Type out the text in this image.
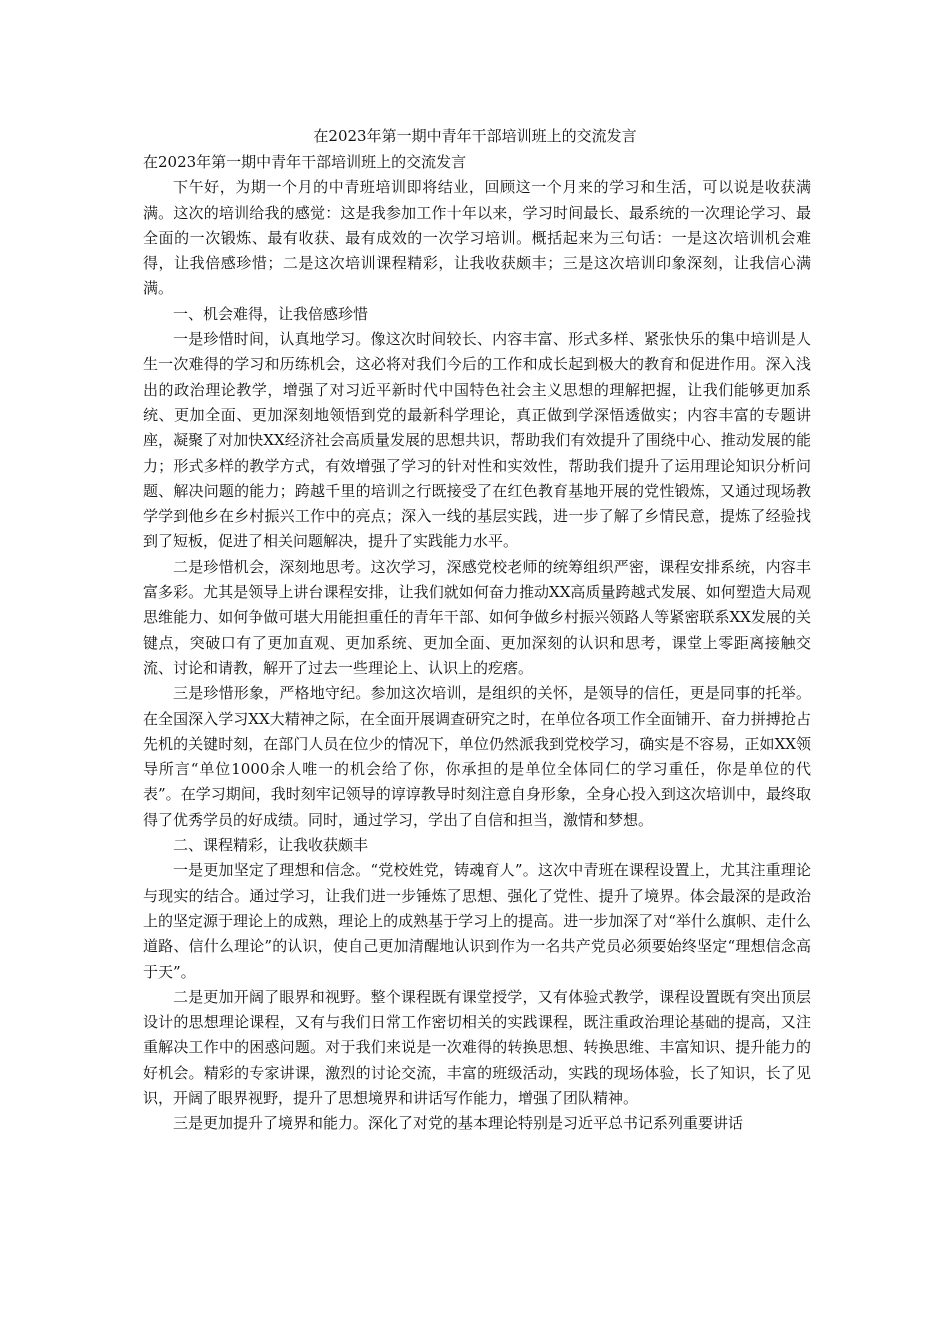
在2023年第一期中青年干部培训班上的交流发言

在2023年第一期中青年干部培训班上的交流发言

下午好，为期一个月的中青班培训即将结业，回顾这一个月来的学习和生活，可以说是收获满满。这次的培训给我的感觉：这是我参加工作十年以来，学习时间最长、最系统的一次理论学习、最全面的一次锻炼、最有收获、最有成效的一次学习培训。概括起来为三句话：一是这次培训机会难得，让我倍感珍惜；二是这次培训课程精彩，让我收获颇丰；三是这次培训印象深刻，让我信心满满。

一、机会难得，让我倍感珍惜

一是珍惜时间，认真地学习。像这次时间较长、内容丰富、形式多样、紧张快乐的集中培训是人生一次难得的学习和历练机会，这必将对我们今后的工作和成长起到极大的教育和促进作用。深入浅出的政治理论教学，增强了对习近平新时代中国特色社会主义思想的理解把握，让我们能够更加系统、更加全面、更加深刻地领悟到党的最新科学理论，真正做到学深悟透做实；内容丰富的专题讲座，凝聚了对加快XX经济社会高质量发展的思想共识，帮助我们有效提升了围绕中心、推动发展的能力；形式多样的教学方式，有效增强了学习的针对性和实效性，帮助我们提升了运用理论知识分析问题、解决问题的能力；跨越千里的培训之行既接受了在红色教育基地开展的党性锻炼，又通过现场教学学到他乡在乡村振兴工作中的亮点；深入一线的基层实践，进一步了解了乡情民意，提炼了经验找到了短板，促进了相关问题解决，提升了实践能力水平。

二是珍惜机会，深刻地思考。这次学习，深感党校老师的统筹组织严密，课程安排系统，内容丰富多彩。尤其是领导上讲台课程安排，让我们就如何奋力推动XX高质量跨越式发展、如何塑造大局观思维能力、如何争做可堪大用能担重任的青年干部、如何争做乡村振兴领路人等紧密联系XX发展的关键点，突破口有了更加直观、更加系统、更加全面、更加深刻的认识和思考，课堂上零距离接触交流、讨论和请教，解开了过去一些理论上、认识上的疙瘩。

三是珍惜形象，严格地守纪。参加这次培训，是组织的关怀，是领导的信任，更是同事的托举。在全国深入学习XX大精神之际，在全面开展调查研究之时，在单位各项工作全面铺开、奋力拼搏抢占先机的关键时刻，在部门人员在位少的情况下，单位仍然派我到党校学习，确实是不容易，正如XX领导所言“单位1000余人唯一的机会给了你，你承担的是单位全体同仁的学习重任，你是单位的代表”。在学习期间，我时刻牢记领导的谆谆教导时刻注意自身形象，全身心投入到这次培训中，最终取得了优秀学员的好成绩。同时，通过学习，学出了自信和担当，激情和梦想。

二、课程精彩，让我收获颇丰

一是更加坚定了理想和信念。“党校姓党，铸魂育人”。这次中青班在课程设置上，尤其注重理论与现实的结合。通过学习，让我们进一步锤炼了思想、强化了党性、提升了境界。体会最深的是政治上的坚定源于理论上的成熟，理论上的成熟基于学习上的提高。进一步加深了对“举什么旗帜、走什么道路、信什么理论”的认识，使自己更加清醒地认识到作为一名共产党员必须要始终坚定“理想信念高于天”。

二是更加开阔了眼界和视野。整个课程既有课堂授学，又有体验式教学，课程设置既有突出顶层设计的思想理论课程，又有与我们日常工作密切相关的实践课程，既注重政治理论基础的提高，又注重解决工作中的困惑问题。对于我们来说是一次难得的转换思想、转换思维、丰富知识、提升能力的好机会。精彩的专家讲课，激烈的讨论交流，丰富的班级活动，实践的现场体验，长了知识，长了见识，开阔了眼界视野，提升了思想境界和讲话写作能力，增强了团队精神。

三是更加提升了境界和能力。深化了对党的基本理论特别是习近平总书记系列重要讲话
